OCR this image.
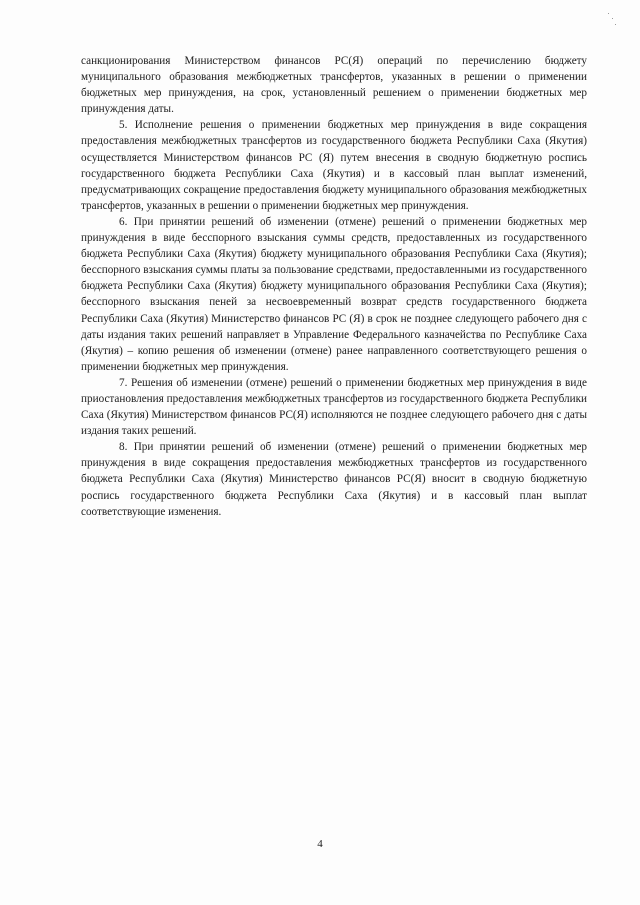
санкционирования Министерством финансов РС(Я) операций по перечислению бюджету муниципального образования межбюджетных трансфертов, указанных в решении о применении бюджетных мер принуждения, на срок, установленный решением о применении бюджетных мер принуждения даты.

5. Исполнение решения о применении бюджетных мер принуждения в виде сокращения предоставления межбюджетных трансфертов из государственного бюджета Республики Саха (Якутия) осуществляется Министерством финансов РС (Я) путем внесения в сводную бюджетную роспись государственного бюджета Республики Саха (Якутия) и в кассовый план выплат изменений, предусматривающих сокращение предоставления бюджету муниципального образования межбюджетных трансфертов, указанных в решении о применении бюджетных мер принуждения.

6. При принятии решений об изменении (отмене) решений о применении бюджетных мер принуждения в виде бесспорного взыскания суммы средств, предоставленных из государственного бюджета Республики Саха (Якутия) бюджету муниципального образования Республики Саха (Якутия); бесспорного взыскания суммы платы за пользование средствами, предоставленными из государственного бюджета Республики Саха (Якутия) бюджету муниципального образования Республики Саха (Якутия); бесспорного взыскания пеней за несвоевременный возврат средств государственного бюджета Республики Саха (Якутия) Министерство финансов РС (Я) в срок не позднее следующего рабочего дня с даты издания таких решений направляет в Управление Федерального казначейства по Республике Саха (Якутия) – копию решения об изменении (отмене) ранее направленного соответствующего решения о применении бюджетных мер принуждения.

7. Решения об изменении (отмене) решений о применении бюджетных мер принуждения в виде приостановления предоставления межбюджетных трансфертов из государственного бюджета Республики Саха (Якутия) Министерством финансов РС(Я) исполняются не позднее следующего рабочего дня с даты издания таких решений.

8. При принятии решений об изменении (отмене) решений о применении бюджетных мер принуждения в виде сокращения предоставления межбюджетных трансфертов из государственного бюджета Республики Саха (Якутия) Министерство финансов РС(Я) вносит в сводную бюджетную роспись государственного бюджета Республики Саха (Якутия) и в кассовый план выплат соответствующие изменения.

4
